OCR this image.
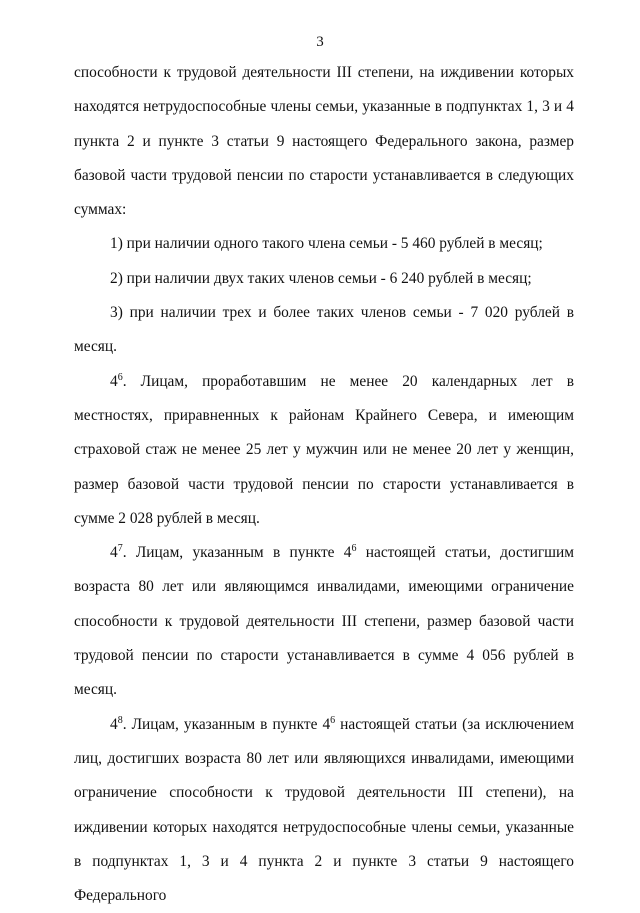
3

способности к трудовой деятельности III степени, на иждивении которых находятся нетрудоспособные члены семьи, указанные в подпунктах 1, 3 и 4 пункта 2 и пункте 3 статьи 9 настоящего Федерального закона, размер базовой части трудовой пенсии по старости устанавливается в следующих суммах:

1) при наличии одного такого члена семьи - 5 460 рублей в месяц;

2) при наличии двух таких членов семьи - 6 240 рублей в месяц;

3) при наличии трех и более таких членов семьи - 7 020 рублей в месяц.

$4^6$. Лицам, проработавшим не менее 20 календарных лет в местностях, приравненных к районам Крайнего Севера, и имеющим страховой стаж не менее 25 лет у мужчин или не менее 20 лет у женщин, размер базовой части трудовой пенсии по старости устанавливается в сумме 2 028 рублей в месяц.

$4^7$. Лицам, указанным в пункте $4^6$ настоящей статьи, достигшим возраста 80 лет или являющимся инвалидами, имеющими ограничение способности к трудовой деятельности III степени, размер базовой части трудовой пенсии по старости устанавливается в сумме 4 056 рублей в месяц.

$4^8$. Лицам, указанным в пункте $4^6$ настоящей статьи (за исключением лиц, достигших возраста 80 лет или являющихся инвалидами, имеющими ограничение способности к трудовой деятельности III степени), на иждивении которых находятся нетрудоспособные члены семьи, указанные в подпунктах 1, 3 и 4 пункта 2 и пункте 3 статьи 9 настоящего Федерального
